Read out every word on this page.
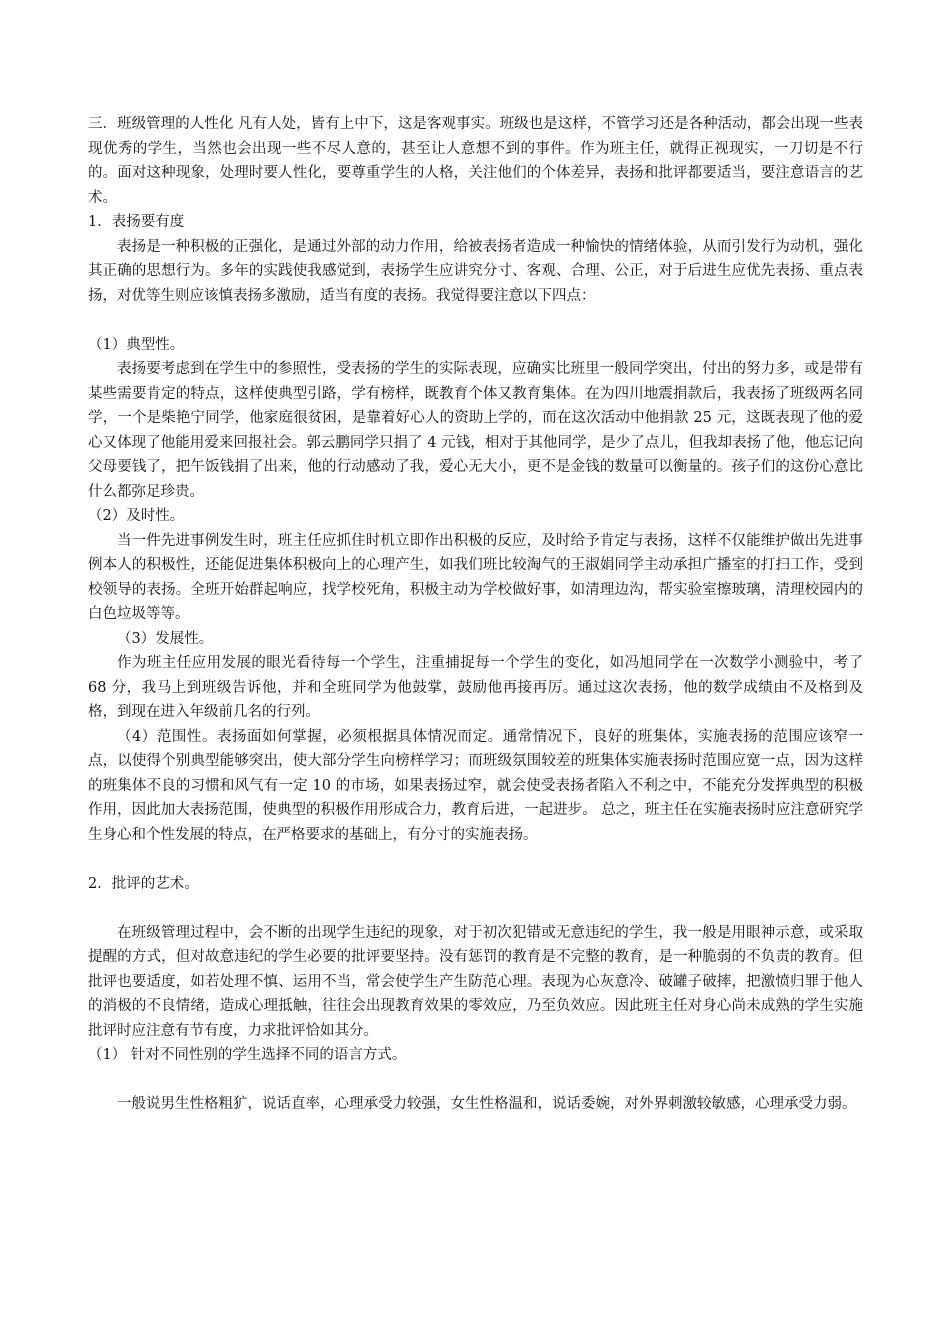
三．班级管理的人性化 凡有人处，皆有上中下，这是客观事实。班级也是这样，不管学习还是各种活动，都会出现一些表现优秀的学生，当然也会出现一些不尽人意的，甚至让人意想不到的事件。作为班主任，就得正视现实，一刀切是不行的。面对这种现象，处理时要人性化，要尊重学生的人格，关注他们的个体差异，表扬和批评都要适当，要注意语言的艺术。

1．表扬要有度

表扬是一种积极的正强化，是通过外部的动力作用，给被表扬者造成一种愉快的情绪体验，从而引发行为动机，强化其正确的思想行为。多年的实践使我感觉到，表扬学生应讲究分寸、客观、合理、公正，对于后进生应优先表扬、重点表扬，对优等生则应该慎表扬多激励，适当有度的表扬。我觉得要注意以下四点：

（1）典型性。

表扬要考虑到在学生中的参照性，受表扬的学生的实际表现，应确实比班里一般同学突出，付出的努力多，或是带有某些需要肯定的特点，这样使典型引路，学有榜样，既教育个体又教育集体。在为四川地震捐款后，我表扬了班级两名同学，一个是柴艳宁同学，他家庭很贫困，是靠着好心人的资助上学的，而在这次活动中他捐款 25 元，这既表现了他的爱心又体现了他能用爱来回报社会。郭云鹏同学只捐了 4 元钱，相对于其他同学，是少了点儿，但我却表扬了他，他忘记向父母要钱了，把午饭钱捐了出来，他的行动感动了我，爱心无大小，更不是金钱的数量可以衡量的。孩子们的这份心意比什么都弥足珍贵。

（2）及时性。

当一件先进事例发生时，班主任应抓住时机立即作出积极的反应，及时给予肯定与表扬，这样不仅能维护做出先进事例本人的积极性，还能促进集体积极向上的心理产生，如我们班比较淘气的王淑娟同学主动承担广播室的打扫工作，受到校领导的表扬。全班开始群起响应，找学校死角，积极主动为学校做好事，如清理边沟，帮实验室擦玻璃，清理校园内的白色垃圾等等。

（3）发展性。

作为班主任应用发展的眼光看待每一个学生，注重捕捉每一个学生的变化，如冯旭同学在一次数学小测验中，考了 68 分，我马上到班级告诉他，并和全班同学为他鼓掌，鼓励他再接再厉。通过这次表扬，他的数学成绩由不及格到及格，到现在进入年级前几名的行列。

（4）范围性。表扬面如何掌握，必须根据具体情况而定。通常情况下，良好的班集体，实施表扬的范围应该窄一点，以使得个别典型能够突出，使大部分学生向榜样学习；而班级氛围较差的班集体实施表扬时范围应宽一点，因为这样的班集体不良的习惯和风气有一定 10 的市场，如果表扬过窄，就会使受表扬者陷入不利之中，不能充分发挥典型的积极作用，因此加大表扬范围，使典型的积极作用形成合力，教育后进，一起进步。 总之，班主任在实施表扬时应注意研究学生身心和个性发展的特点，在严格要求的基础上，有分寸的实施表扬。

2．批评的艺术。

在班级管理过程中，会不断的出现学生违纪的现象，对于初次犯错或无意违纪的学生，我一般是用眼神示意，或采取提醒的方式，但对故意违纪的学生必要的批评要坚持。没有惩罚的教育是不完整的教育，是一种脆弱的不负责的教育。但批评也要适度，如若处理不慎、运用不当，常会使学生产生防范心理。表现为心灰意冷、破罐子破摔，把激愤归罪于他人的消极的不良情绪，造成心理抵触，往往会出现教育效果的零效应，乃至负效应。因此班主任对身心尚未成熟的学生实施批评时应注意有节有度，力求批评恰如其分。

（1） 针对不同性别的学生选择不同的语言方式。

一般说男生性格粗犷，说话直率，心理承受力较强，女生性格温和，说话委婉，对外界刺激较敏感，心理承受力弱。
